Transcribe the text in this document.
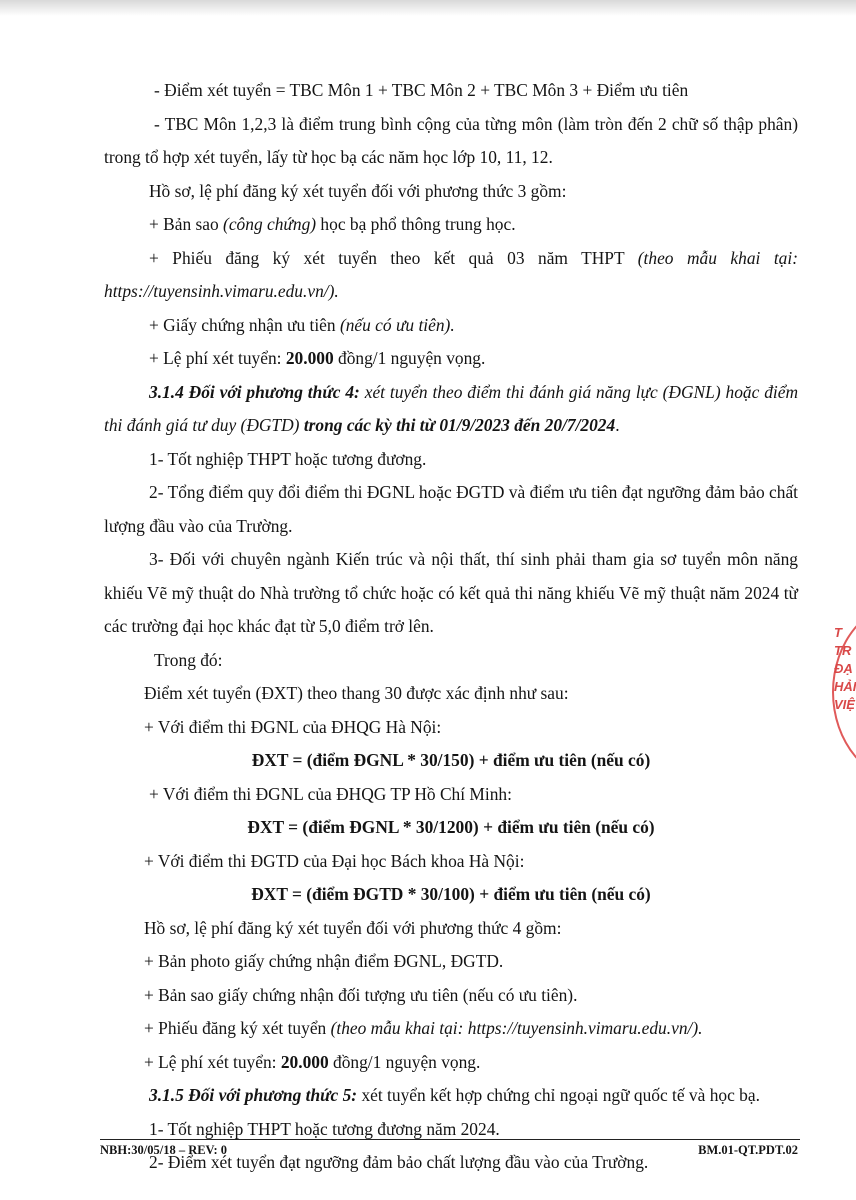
- Điểm xét tuyển = TBC Môn 1 + TBC Môn 2 + TBC Môn 3 + Điểm ưu tiên

- TBC Môn 1,2,3 là điểm trung bình cộng của từng môn (làm tròn đến 2 chữ số thập phân) trong tổ hợp xét tuyển, lấy từ học bạ các năm học lớp 10, 11, 12.

Hồ sơ, lệ phí đăng ký xét tuyển đối với phương thức 3 gồm:

+ Bản sao (công chứng) học bạ phổ thông trung học.

+ Phiếu đăng ký xét tuyển theo kết quả 03 năm THPT (theo mẫu khai tại: https://tuyensinh.vimaru.edu.vn/).

+ Giấy chứng nhận ưu tiên (nếu có ưu tiên).

+ Lệ phí xét tuyển: 20.000 đồng/1 nguyện vọng.

3.1.4 Đối với phương thức 4: xét tuyển theo điểm thi đánh giá năng lực (ĐGNL) hoặc điểm thi đánh giá tư duy (ĐGTD) trong các kỳ thi từ 01/9/2023 đến 20/7/2024.

1- Tốt nghiệp THPT hoặc tương đương.

2- Tổng điểm quy đổi điểm thi ĐGNL hoặc ĐGTD và điểm ưu tiên đạt ngưỡng đảm bảo chất lượng đầu vào của Trường.

3- Đối với chuyên ngành Kiến trúc và nội thất, thí sinh phải tham gia sơ tuyển môn năng khiếu Vẽ mỹ thuật do Nhà trường tổ chức hoặc có kết quả thi năng khiếu Vẽ mỹ thuật năm 2024 từ các trường đại học khác đạt từ 5,0 điểm trở lên.

Trong đó:

Điểm xét tuyển (ĐXT) theo thang 30 được xác định như sau:

+ Với điểm thi ĐGNL của ĐHQG Hà Nội:

ĐXT = (điểm ĐGNL * 30/150) + điểm ưu tiên (nếu có)

+ Với điểm thi ĐGNL của ĐHQG TP Hồ Chí Minh:

ĐXT = (điểm ĐGNL * 30/1200) + điểm ưu tiên (nếu có)

+ Với điểm thi ĐGTD của Đại học Bách khoa Hà Nội:

ĐXT = (điểm ĐGTD * 30/100) + điểm ưu tiên (nếu có)

Hồ sơ, lệ phí đăng ký xét tuyển đối với phương thức 4 gồm:

+ Bản photo giấy chứng nhận điểm ĐGNL, ĐGTD.

+ Bản sao giấy chứng nhận đối tượng ưu tiên (nếu có ưu tiên).

+ Phiếu đăng ký xét tuyển (theo mẫu khai tại: https://tuyensinh.vimaru.edu.vn/).

+ Lệ phí xét tuyển: 20.000 đồng/1 nguyện vọng.

3.1.5 Đối với phương thức 5: xét tuyển kết hợp chứng chỉ ngoại ngữ quốc tế và học bạ.

1- Tốt nghiệp THPT hoặc tương đương năm 2024.

2- Điểm xét tuyển đạt ngưỡng đảm bảo chất lượng đầu vào của Trường.

T
TR
ĐẠ
HẢI
VIỆ
NBH:30/05/18 – REV: 0	BM.01-QT.PDT.02
